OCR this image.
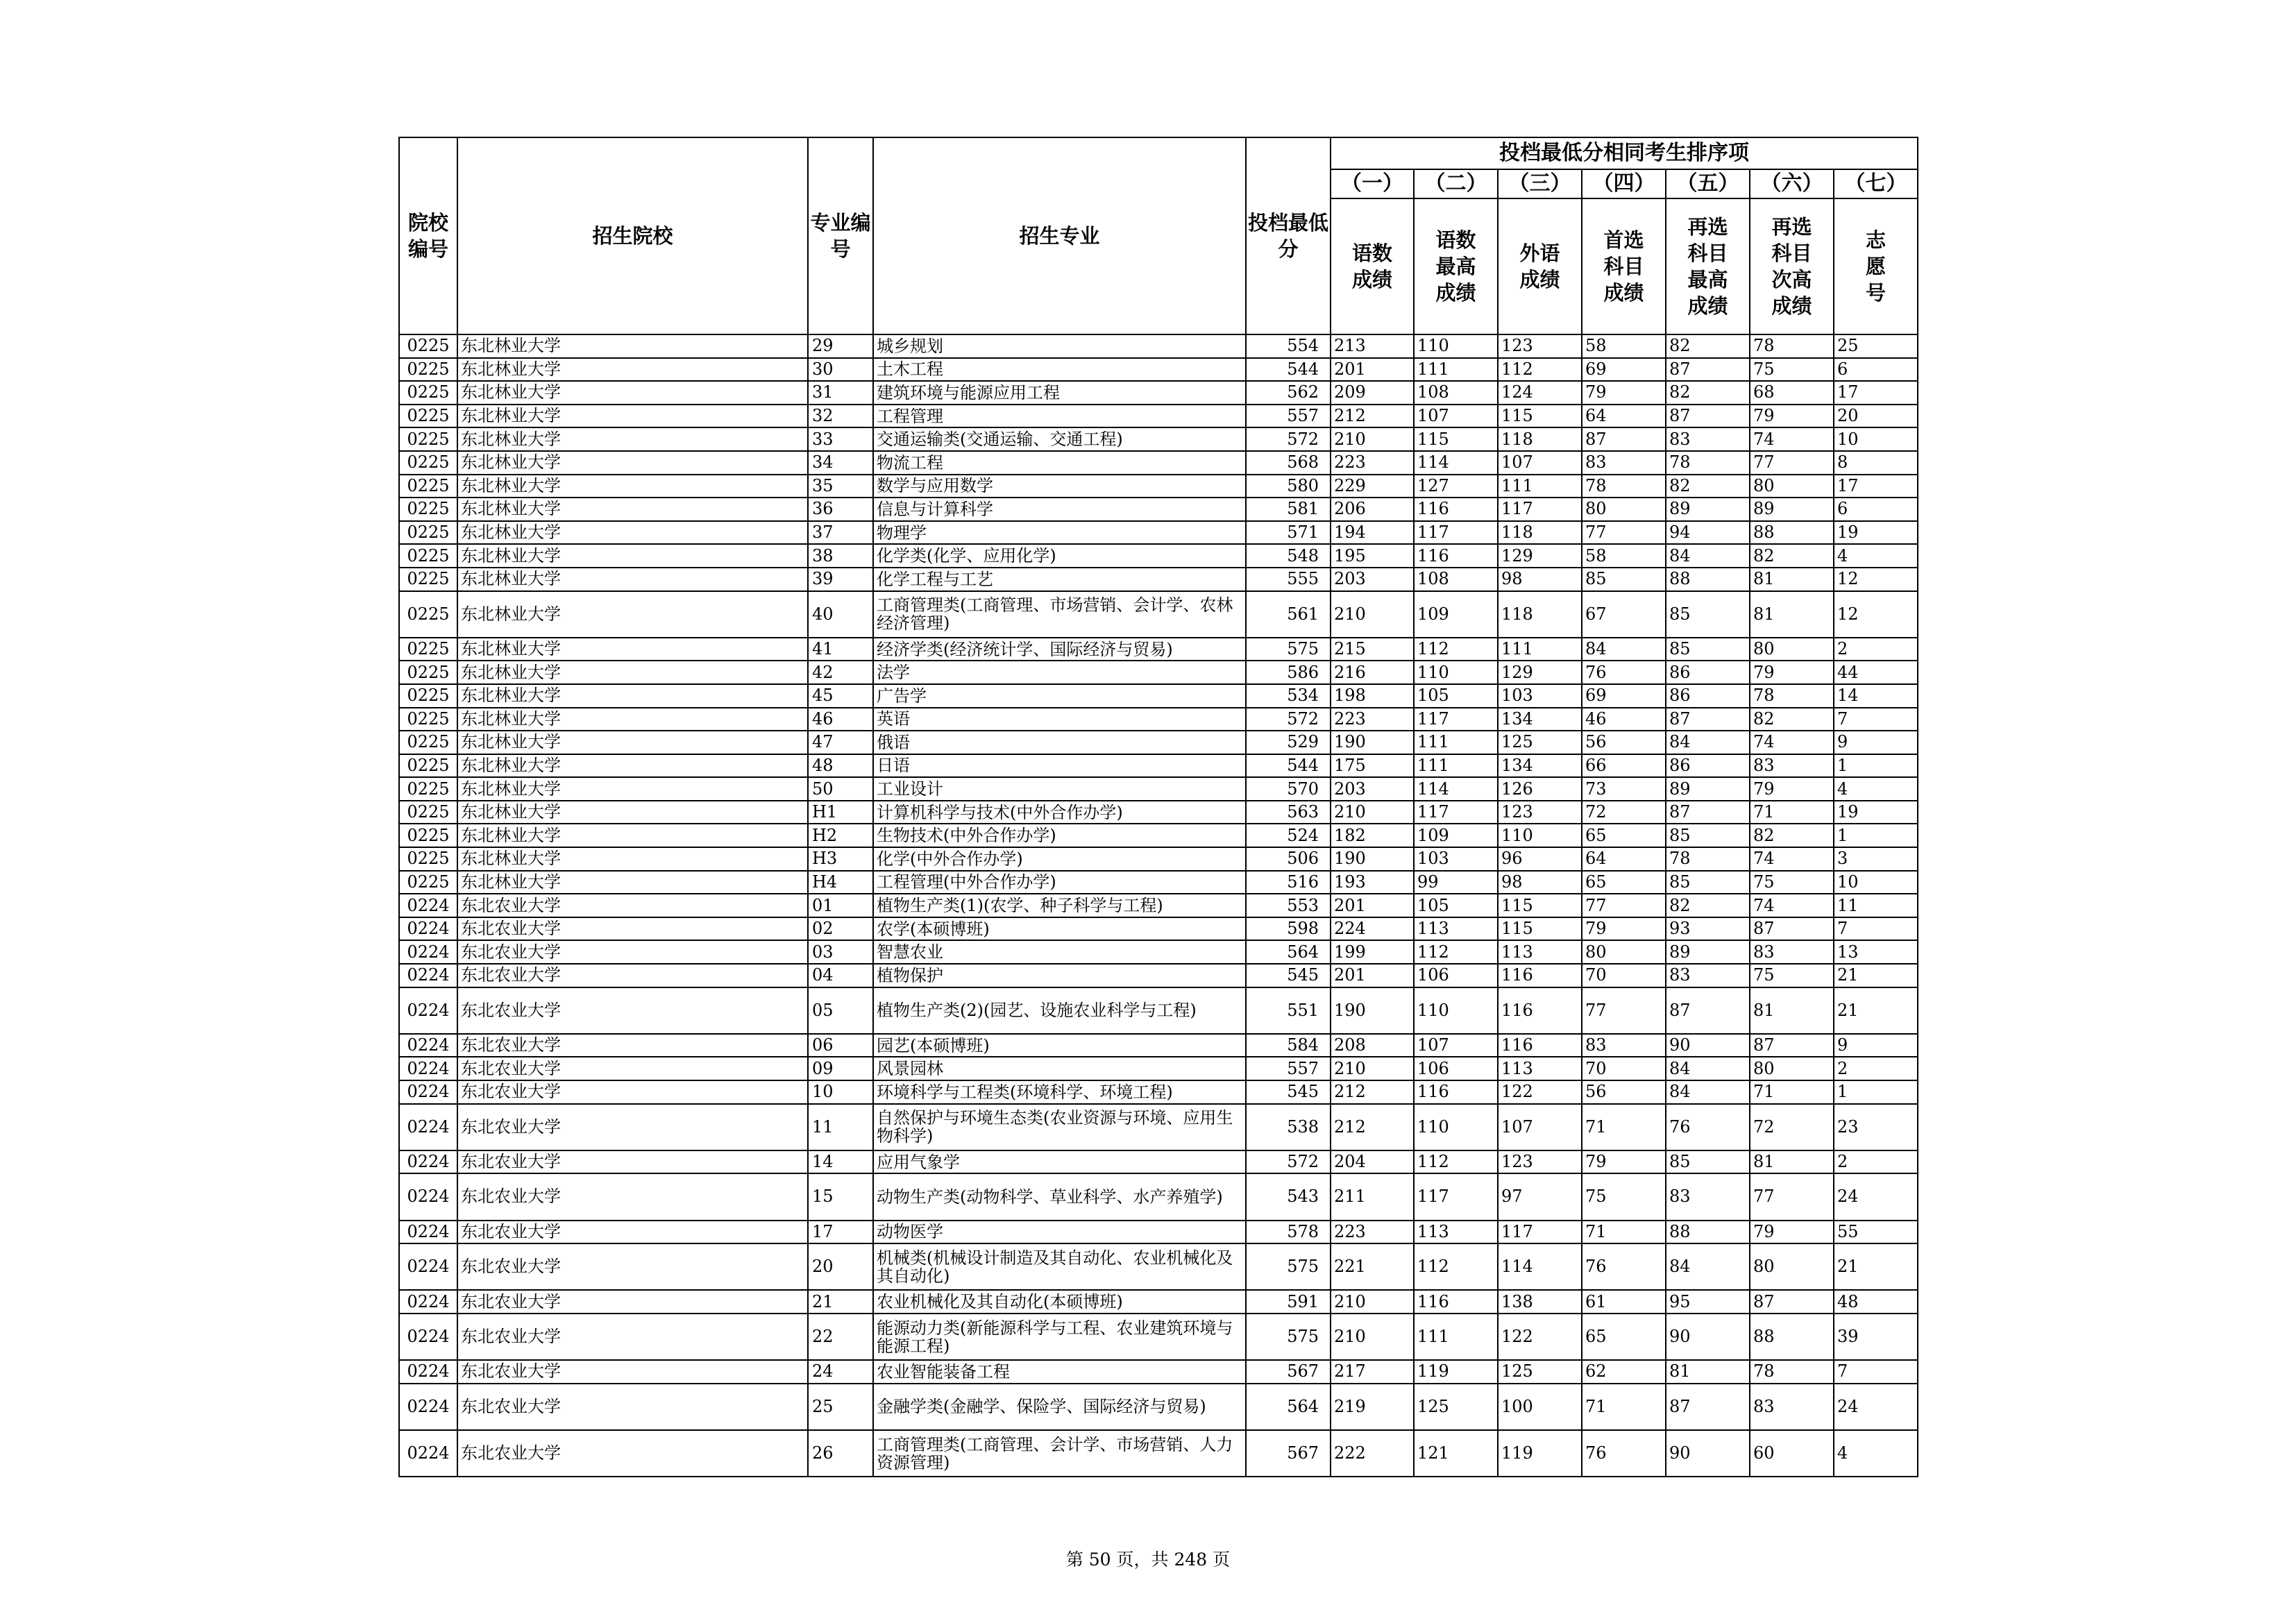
院校编号	招生院校	专业编号	招生专业	投档最低分	投档最低分相同考生排序项						
					（一）	（二）	（三）	（四）	（五）	（六）	（七）
					语数成绩	语数最高成绩	外语成绩	首选科目成绩	再选科目最高成绩	再选科目次高成绩	志愿号
0225	东北林业大学	29	城乡规划	554	213	110	123	58	82	78	25
0225	东北林业大学	30	土木工程	544	201	111	112	69	87	75	6
0225	东北林业大学	31	建筑环境与能源应用工程	562	209	108	124	79	82	68	17
0225	东北林业大学	32	工程管理	557	212	107	115	64	87	79	20
0225	东北林业大学	33	交通运输类(交通运输、交通工程)	572	210	115	118	87	83	74	10
0225	东北林业大学	34	物流工程	568	223	114	107	83	78	77	8
0225	东北林业大学	35	数学与应用数学	580	229	127	111	78	82	80	17
0225	东北林业大学	36	信息与计算科学	581	206	116	117	80	89	89	6
0225	东北林业大学	37	物理学	571	194	117	118	77	94	88	19
0225	东北林业大学	38	化学类(化学、应用化学)	548	195	116	129	58	84	82	4
0225	东北林业大学	39	化学工程与工艺	555	203	108	98	85	88	81	12
0225	东北林业大学	40	工商管理类(工商管理、市场营销、会计学、农林经济管理)	561	210	109	118	67	85	81	12
0225	东北林业大学	41	经济学类(经济统计学、国际经济与贸易)	575	215	112	111	84	85	80	2
0225	东北林业大学	42	法学	586	216	110	129	76	86	79	44
0225	东北林业大学	45	广告学	534	198	105	103	69	86	78	14
0225	东北林业大学	46	英语	572	223	117	134	46	87	82	7
0225	东北林业大学	47	俄语	529	190	111	125	56	84	74	9
0225	东北林业大学	48	日语	544	175	111	134	66	86	83	1
0225	东北林业大学	50	工业设计	570	203	114	126	73	89	79	4
0225	东北林业大学	H1	计算机科学与技术(中外合作办学)	563	210	117	123	72	87	71	19
0225	东北林业大学	H2	生物技术(中外合作办学)	524	182	109	110	65	85	82	1
0225	东北林业大学	H3	化学(中外合作办学)	506	190	103	96	64	78	74	3
0225	东北林业大学	H4	工程管理(中外合作办学)	516	193	99	98	65	85	75	10
0224	东北农业大学	01	植物生产类(1)(农学、种子科学与工程)	553	201	105	115	77	82	74	11
0224	东北农业大学	02	农学(本硕博班)	598	224	113	115	79	93	87	7
0224	东北农业大学	03	智慧农业	564	199	112	113	80	89	83	13
0224	东北农业大学	04	植物保护	545	201	106	116	70	83	75	21
0224	东北农业大学	05	植物生产类(2)(园艺、设施农业科学与工程)	551	190	110	116	77	87	81	21
0224	东北农业大学	06	园艺(本硕博班)	584	208	107	116	83	90	87	9
0224	东北农业大学	09	风景园林	557	210	106	113	70	84	80	2
0224	东北农业大学	10	环境科学与工程类(环境科学、环境工程)	545	212	116	122	56	84	71	1
0224	东北农业大学	11	自然保护与环境生态类(农业资源与环境、应用生物科学)	538	212	110	107	71	76	72	23
0224	东北农业大学	14	应用气象学	572	204	112	123	79	85	81	2
0224	东北农业大学	15	动物生产类(动物科学、草业科学、水产养殖学)	543	211	117	97	75	83	77	24
0224	东北农业大学	17	动物医学	578	223	113	117	71	88	79	55
0224	东北农业大学	20	机械类(机械设计制造及其自动化、农业机械化及其自动化)	575	221	112	114	76	84	80	21
0224	东北农业大学	21	农业机械化及其自动化(本硕博班)	591	210	116	138	61	95	87	48
0224	东北农业大学	22	能源动力类(新能源科学与工程、农业建筑环境与能源工程)	575	210	111	122	65	90	88	39
0224	东北农业大学	24	农业智能装备工程	567	217	119	125	62	81	78	7
0224	东北农业大学	25	金融学类(金融学、保险学、国际经济与贸易)	564	219	125	100	71	87	83	24
0224	东北农业大学	26	工商管理类(工商管理、会计学、市场营销、人力资源管理)	567	222	121	119	76	90	60	4
第 50 页，共 248 页
